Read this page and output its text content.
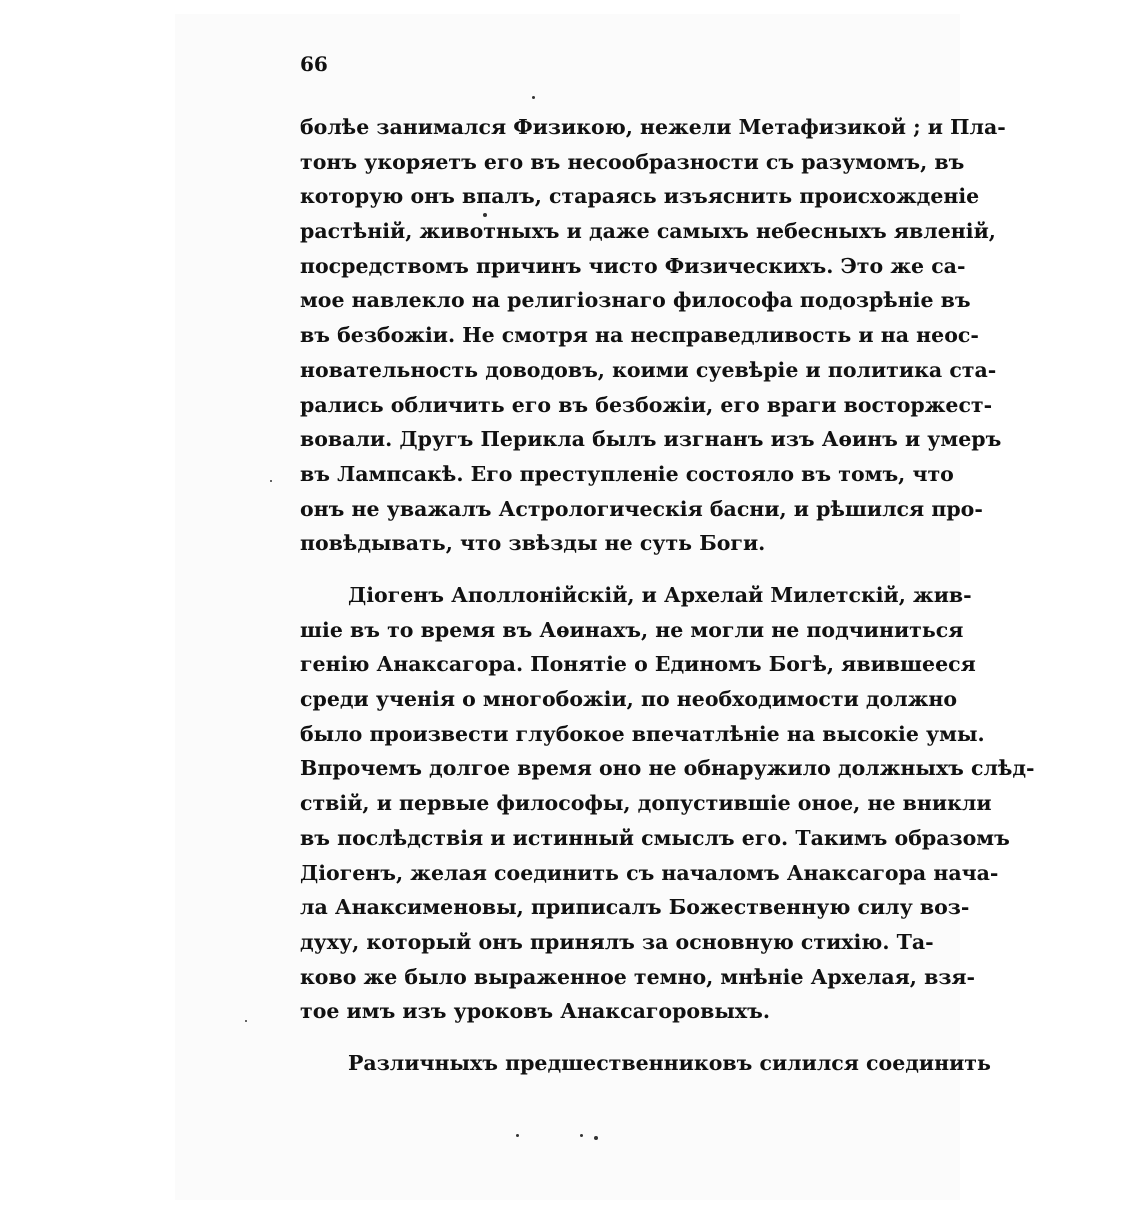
66

болѣе занимался Физикою, нежели Метафизикой ; и Пла-
тонъ укоряетъ его въ несообразности съ разумомъ, въ
которую онъ впалъ, стараясь изъяснить происхожденіе
растѣній, животныхъ и даже самыхъ небесныхъ явленій,
посредствомъ причинъ чисто Физическихъ. Это же са-
мое навлекло на религіознаго философа подозрѣніе въ
въ безбожіи. Не смотря на несправедливость и на неос-
новательность доводовъ, коими суевѣріе и политика ста-
рались обличить его въ безбожіи, его враги восторжест-
вовали. Другъ Перикла былъ изгнанъ изъ Аѳинъ и умеръ
въ Лампсакѣ. Его преступленіе состояло въ томъ, что
онъ не уважалъ Астрологическія басни, и рѣшился про-
повѣдывать, что звѣзды не суть Боги.
Діогенъ Аполлонійскій, и Архелай Милетскій, жив-
шіе въ то время въ Аѳинахъ, не могли не подчиниться
генію Анаксагора. Понятіе о Единомъ Богѣ, явившееся
среди ученія о многобожіи, по необходимости должно
было произвести глубокое впечатлѣніе на высокіе умы.
Впрочемъ долгое время оно не обнаружило должныхъ слѣд-
ствій, и первые философы, допустившіе оное, не вникли
въ послѣдствія и истинный смыслъ его. Такимъ образомъ
Діогенъ, желая соединить съ началомъ Анаксагора нача-
ла Анаксименовы, приписалъ Божественную силу воз-
духу, который онъ принялъ за основную стихію. Та-
ково же было выраженное темно, мнѣніе Архелая, взя-
тое имъ изъ уроковъ Анаксагоровыхъ.
Различныхъ предшественниковъ силился соединить
